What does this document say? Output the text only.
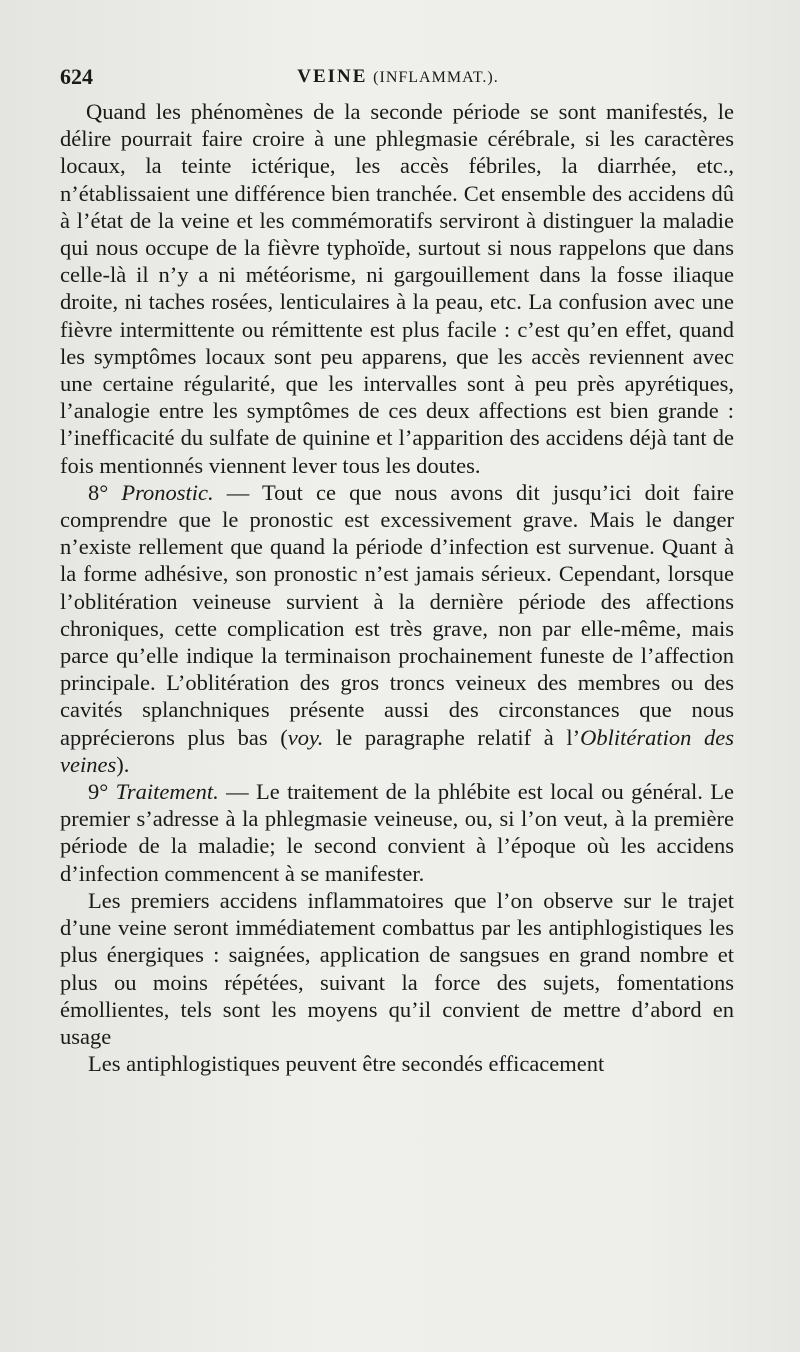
624	VEINE (INFLAMMAT.).

Quand les phénomènes de la seconde période se sont manifestés, le délire pourrait faire croire à une phlegmasie cérébrale, si les caractères locaux, la teinte ictérique, les accès fébriles, la diarrhée, etc., n’établissaient une différence bien tranchée. Cet ensemble des accidens dû à l’état de la veine et les commémoratifs serviront à distinguer la maladie qui nous occupe de la fièvre typhoïde, surtout si nous rappelons que dans celle-là il n’y a ni météorisme, ni gargouillement dans la fosse iliaque droite, ni taches rosées, lenticulaires à la peau, etc. La confusion avec une fièvre intermittente ou rémittente est plus facile : c’est qu’en effet, quand les symptômes locaux sont peu apparens, que les accès reviennent avec une certaine régularité, que les intervalles sont à peu près apyrétiques, l’analogie entre les symptômes de ces deux affections est bien grande : l’inefficacité du sulfate de quinine et l’apparition des accidens déjà tant de fois mentionnés viennent lever tous les doutes.

8° Pronostic. — Tout ce que nous avons dit jusqu’ici doit faire comprendre que le pronostic est excessivement grave. Mais le danger n’existe rellement que quand la période d’infection est survenue. Quant à la forme adhésive, son pronostic n’est jamais sérieux. Cependant, lorsque l’oblitération veineuse survient à la dernière période des affections chroniques, cette complication est très grave, non par elle-même, mais parce qu’elle indique la terminaison prochainement funeste de l’affection principale. L’oblitération des gros troncs veineux des membres ou des cavités splanchniques présente aussi des circonstances que nous apprécierons plus bas (voy. le paragraphe relatif à l’Oblitération des veines).

9° Traitement. — Le traitement de la phlébite est local ou général. Le premier s’adresse à la phlegmasie veineuse, ou, si l’on veut, à la première période de la maladie; le second convient à l’époque où les accidens d’infection commencent à se manifester.

Les premiers accidens inflammatoires que l’on observe sur le trajet d’une veine seront immédiatement combattus par les antiphlogistiques les plus énergiques : saignées, application de sangsues en grand nombre et plus ou moins répétées, suivant la force des sujets, fomentations émollientes, tels sont les moyens qu’il convient de mettre d’abord en usage

Les antiphlogistiques peuvent être secondés efficacement
